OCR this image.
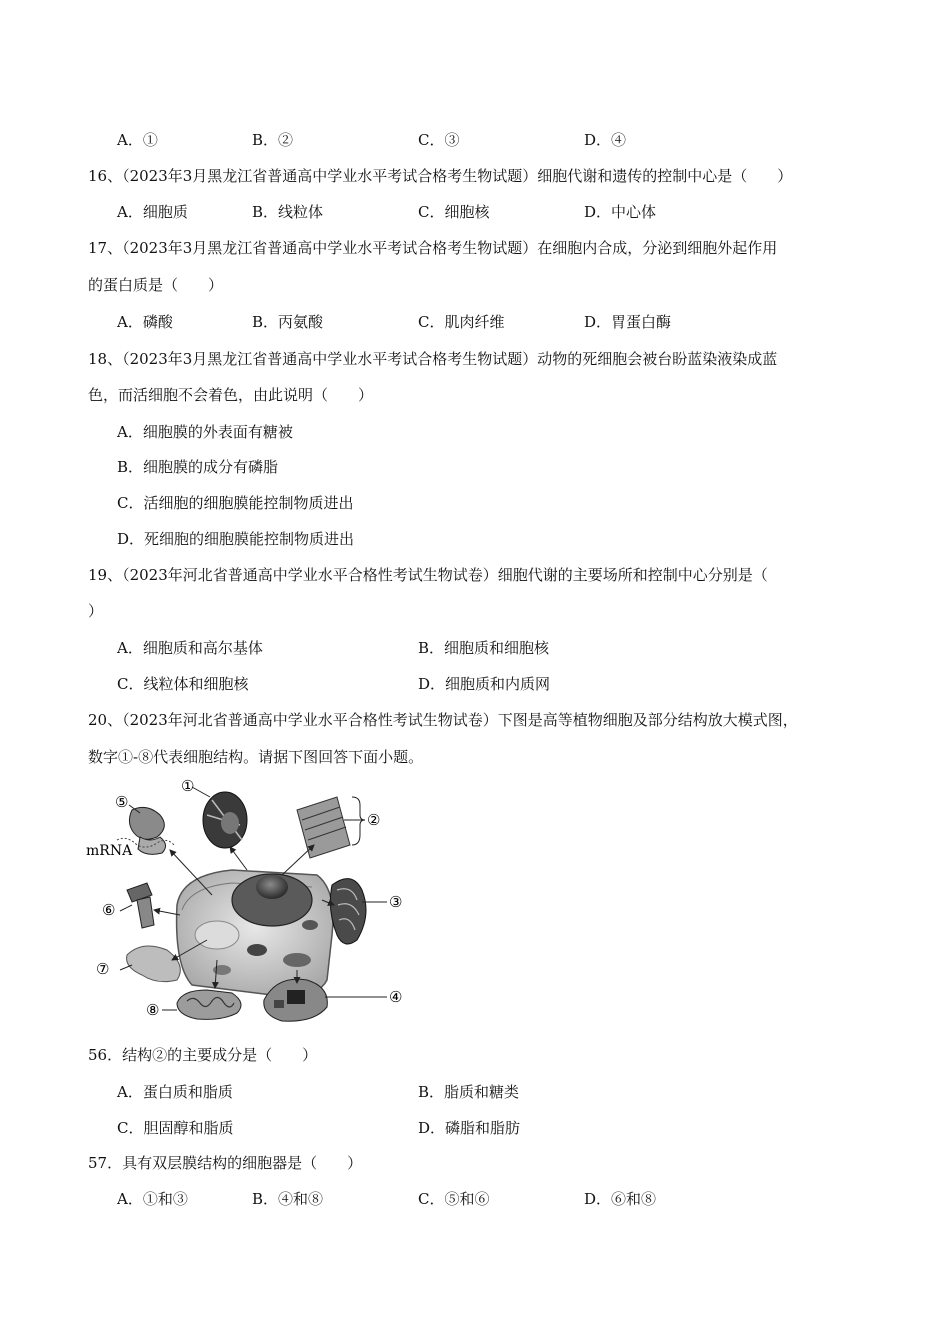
A．①	B．②	C．③	D．④
16、（2023年3月黑龙江省普通高中学业水平考试合格考生物试题）细胞代谢和遗传的控制中心是（　　）
A．细胞质	B．线粒体	C．细胞核	D．中心体
17、（2023年3月黑龙江省普通高中学业水平考试合格考生物试题）在细胞内合成，分泌到细胞外起作用
的蛋白质是（　　）
A．磷酸	B．丙氨酸	C．肌肉纤维	D．胃蛋白酶
18、（2023年3月黑龙江省普通高中学业水平考试合格考生物试题）动物的死细胞会被台盼蓝染液染成蓝
色，而活细胞不会着色，由此说明（　　）
A．细胞膜的外表面有糖被
B．细胞膜的成分有磷脂
C．活细胞的细胞膜能控制物质进出
D．死细胞的细胞膜能控制物质进出
19、（2023年河北省普通高中学业水平合格性考试生物试卷）细胞代谢的主要场所和控制中心分别是（
）
A．细胞质和高尔基体	B．细胞质和细胞核
C．线粒体和细胞核	D．细胞质和内质网
20、（2023年河北省普通高中学业水平合格性考试生物试卷）下图是高等植物细胞及部分结构放大模式图，
数字①-⑧代表细胞结构。请据下图回答下面小题。
⑤
①
②
③
④
⑥
⑦
⑧
mRNA
56．结构②的主要成分是（　　）
A．蛋白质和脂质	B．脂质和糖类
C．胆固醇和脂质	D．磷脂和脂肪
57．具有双层膜结构的细胞器是（　　）
A．①和③	B．④和⑧	C．⑤和⑥	D．⑥和⑧
